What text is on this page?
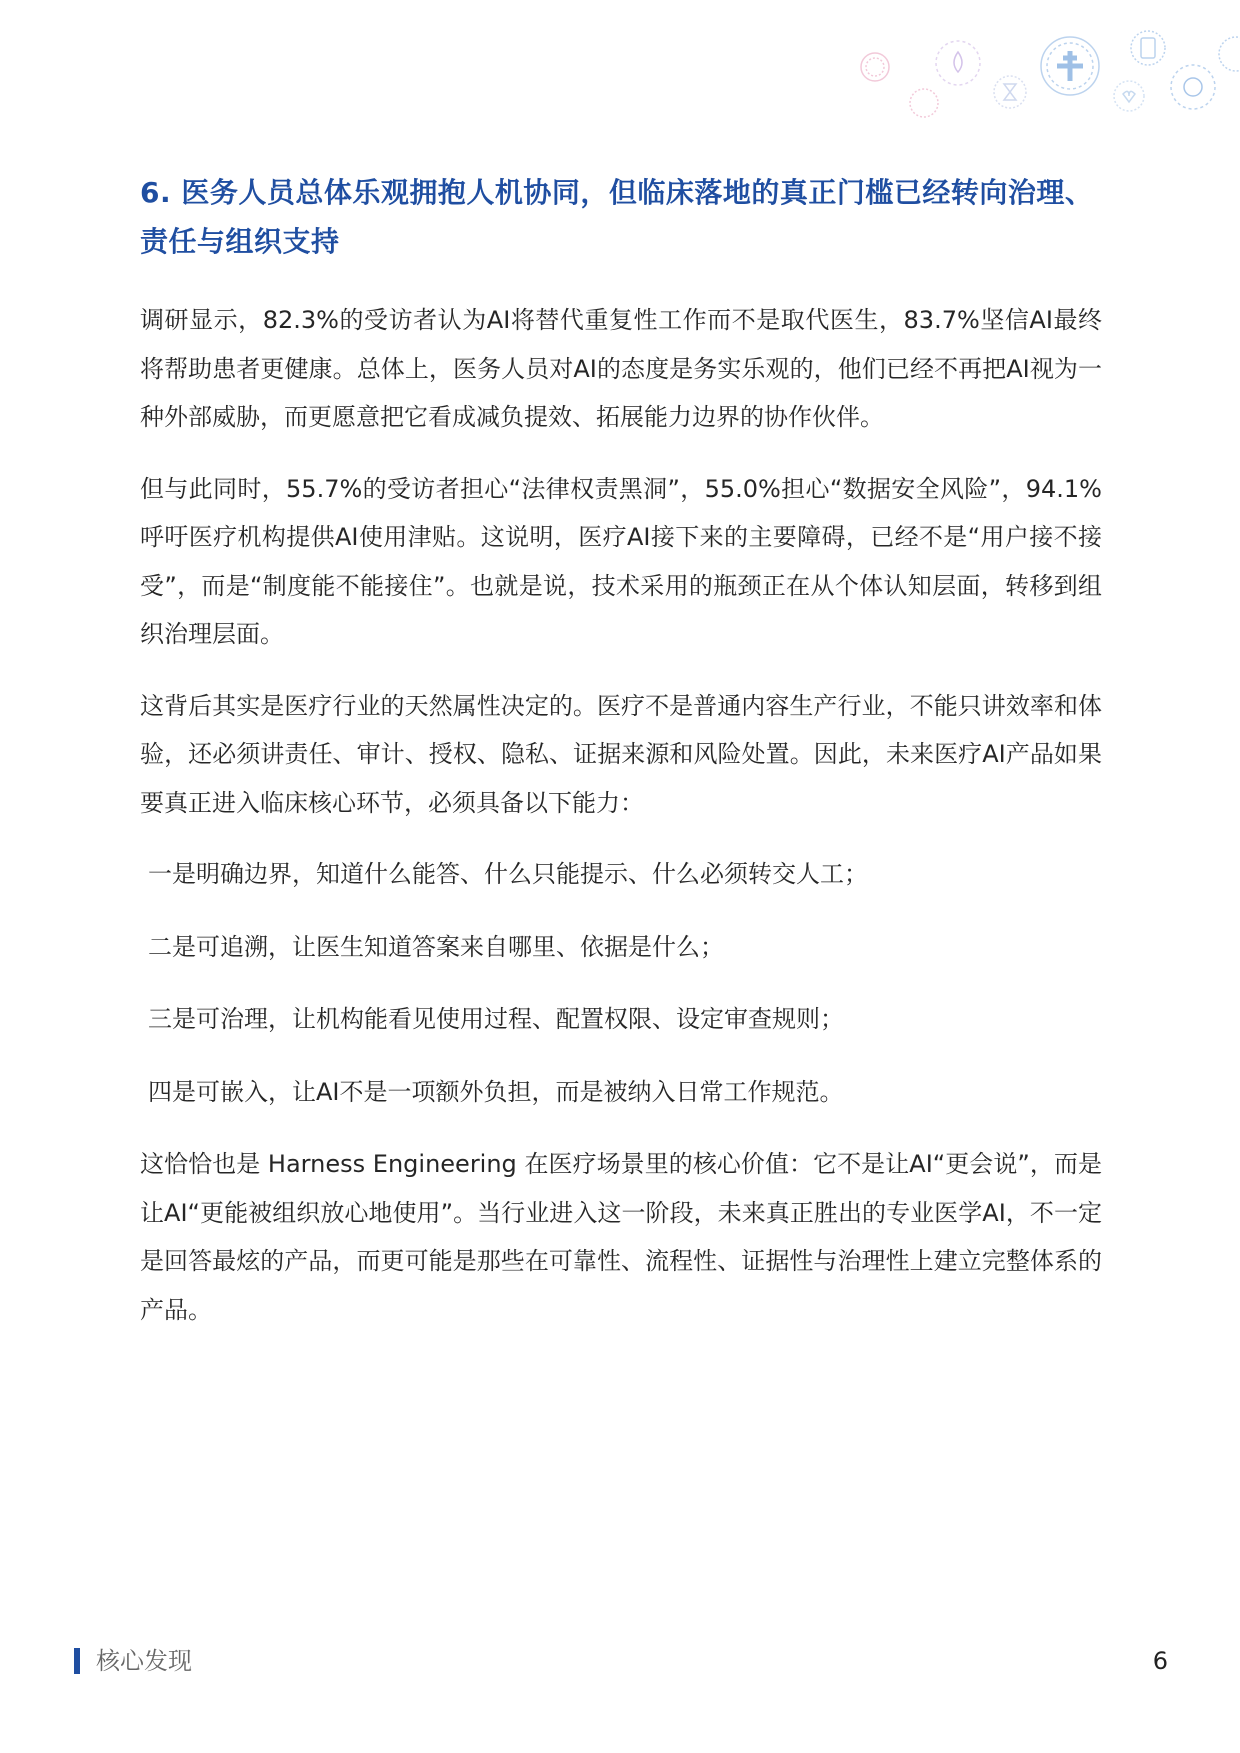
6. 医务人员总体乐观拥抱人机协同，但临床落地的真正门槛已经转向治理、责任与组织支持

调研显示，82.3%的受访者认为AI将替代重复性工作而不是取代医生，83.7%坚信AI最终将帮助患者更健康。总体上，医务人员对AI的态度是务实乐观的，他们已经不再把AI视为一种外部威胁，而更愿意把它看成减负提效、拓展能力边界的协作伙伴。

但与此同时，55.7%的受访者担心“法律权责黑洞”，55.0%担心“数据安全风险”，94.1%呼吁医疗机构提供AI使用津贴。这说明，医疗AI接下来的主要障碍，已经不是“用户接不接受”，而是“制度能不能接住”。也就是说，技术采用的瓶颈正在从个体认知层面，转移到组织治理层面。

这背后其实是医疗行业的天然属性决定的。医疗不是普通内容生产行业，不能只讲效率和体验，还必须讲责任、审计、授权、隐私、证据来源和风险处置。因此，未来医疗AI产品如果要真正进入临床核心环节，必须具备以下能力：

一是明确边界，知道什么能答、什么只能提示、什么必须转交人工；

二是可追溯，让医生知道答案来自哪里、依据是什么；

三是可治理，让机构能看见使用过程、配置权限、设定审查规则；

四是可嵌入，让AI不是一项额外负担，而是被纳入日常工作规范。

这恰恰也是 Harness Engineering 在医疗场景里的核心价值：它不是让AI“更会说”，而是让AI“更能被组织放心地使用”。当行业进入这一阶段，未来真正胜出的专业医学AI，不一定是回答最炫的产品，而更可能是那些在可靠性、流程性、证据性与治理性上建立完整体系的产品。

核心发现	6
